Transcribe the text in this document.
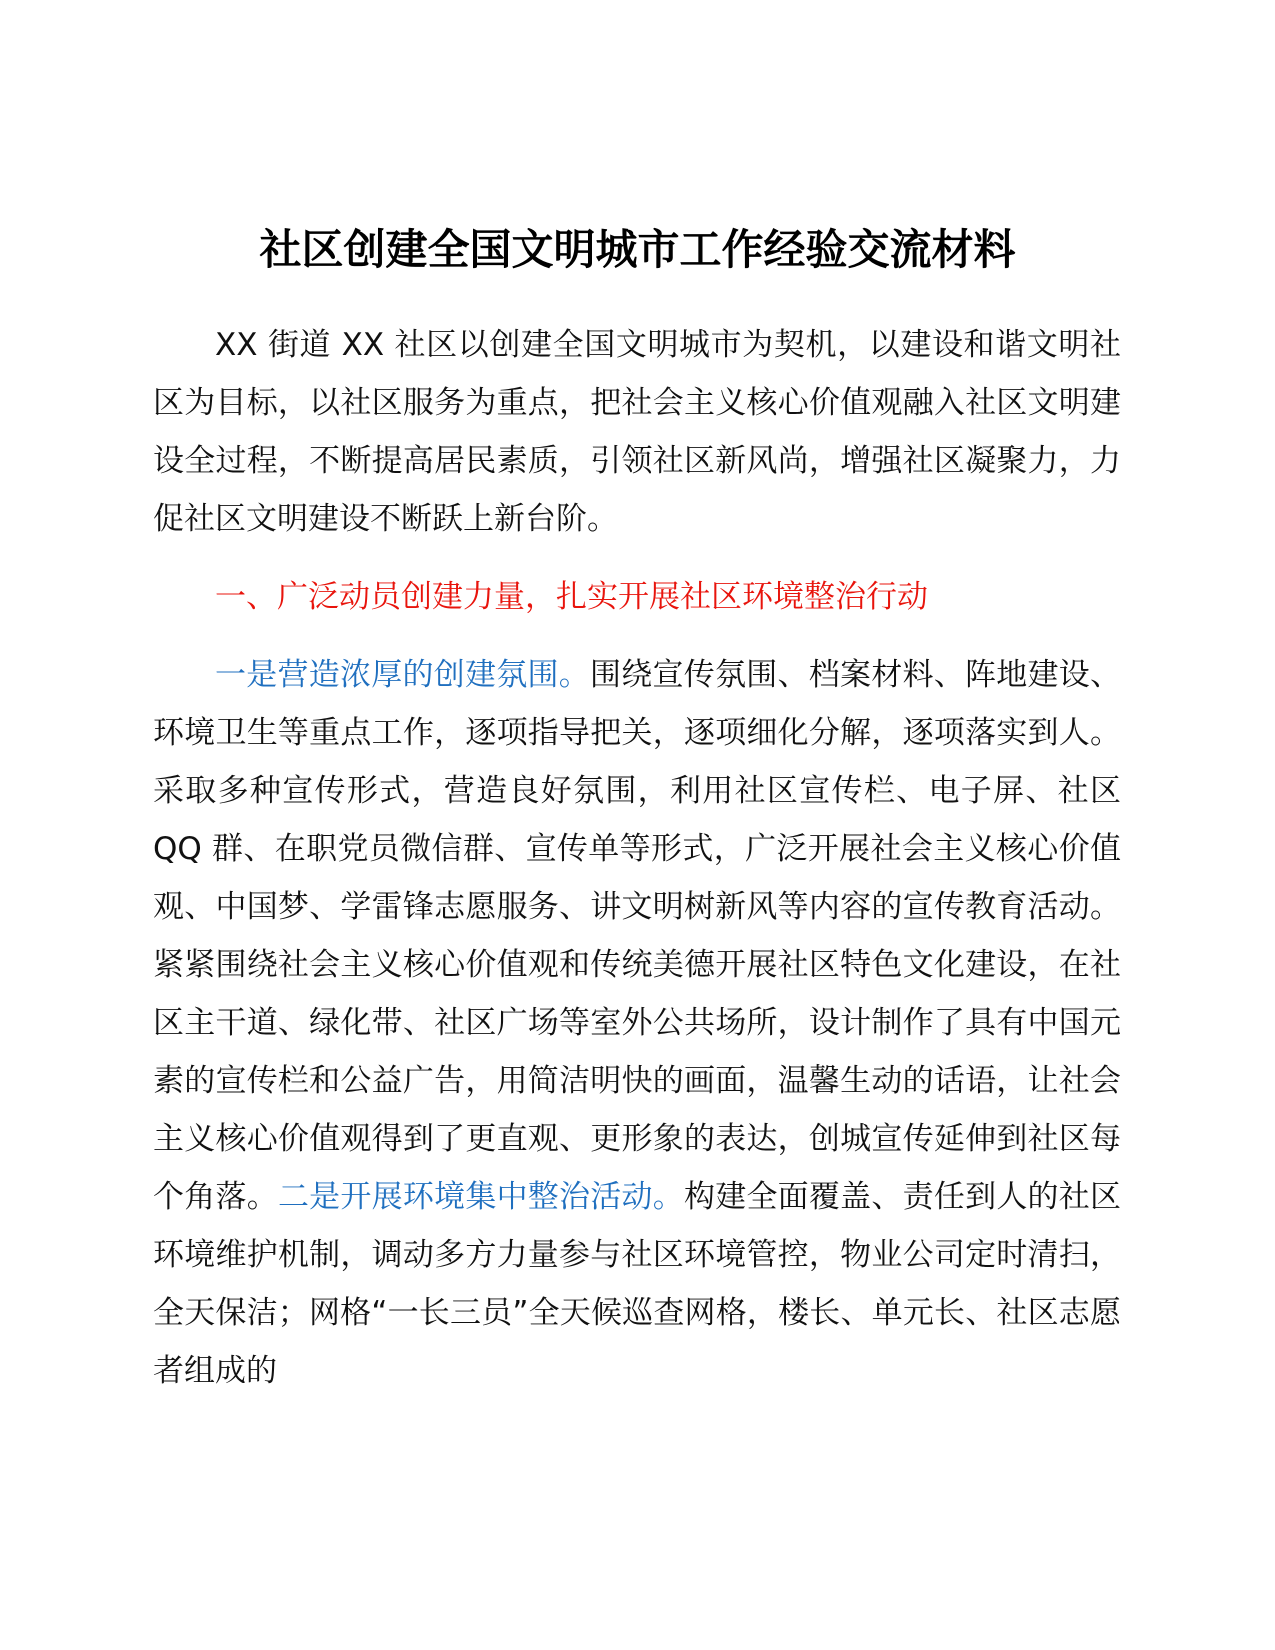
社区创建全国文明城市工作经验交流材料

XX 街道 XX 社区以创建全国文明城市为契机，以建设和谐文明社区为目标，以社区服务为重点，把社会主义核心价值观融入社区文明建设全过程，不断提高居民素质，引领社区新风尚，增强社区凝聚力，力促社区文明建设不断跃上新台阶。

一、广泛动员创建力量，扎实开展社区环境整治行动

一是营造浓厚的创建氛围。围绕宣传氛围、档案材料、阵地建设、环境卫生等重点工作，逐项指导把关，逐项细化分解，逐项落实到人。采取多种宣传形式，营造良好氛围，利用社区宣传栏、电子屏、社区 QQ 群、在职党员微信群、宣传单等形式，广泛开展社会主义核心价值观、中国梦、学雷锋志愿服务、讲文明树新风等内容的宣传教育活动。紧紧围绕社会主义核心价值观和传统美德开展社区特色文化建设，在社区主干道、绿化带、社区广场等室外公共场所，设计制作了具有中国元素的宣传栏和公益广告，用简洁明快的画面，温馨生动的话语，让社会主义核心价值观得到了更直观、更形象的表达，创城宣传延伸到社区每个角落。二是开展环境集中整治活动。构建全面覆盖、责任到人的社区环境维护机制，调动多方力量参与社区环境管控，物业公司定时清扫，全天保洁；网格“一长三员”全天候巡查网格，楼长、单元长、社区志愿者组成的
